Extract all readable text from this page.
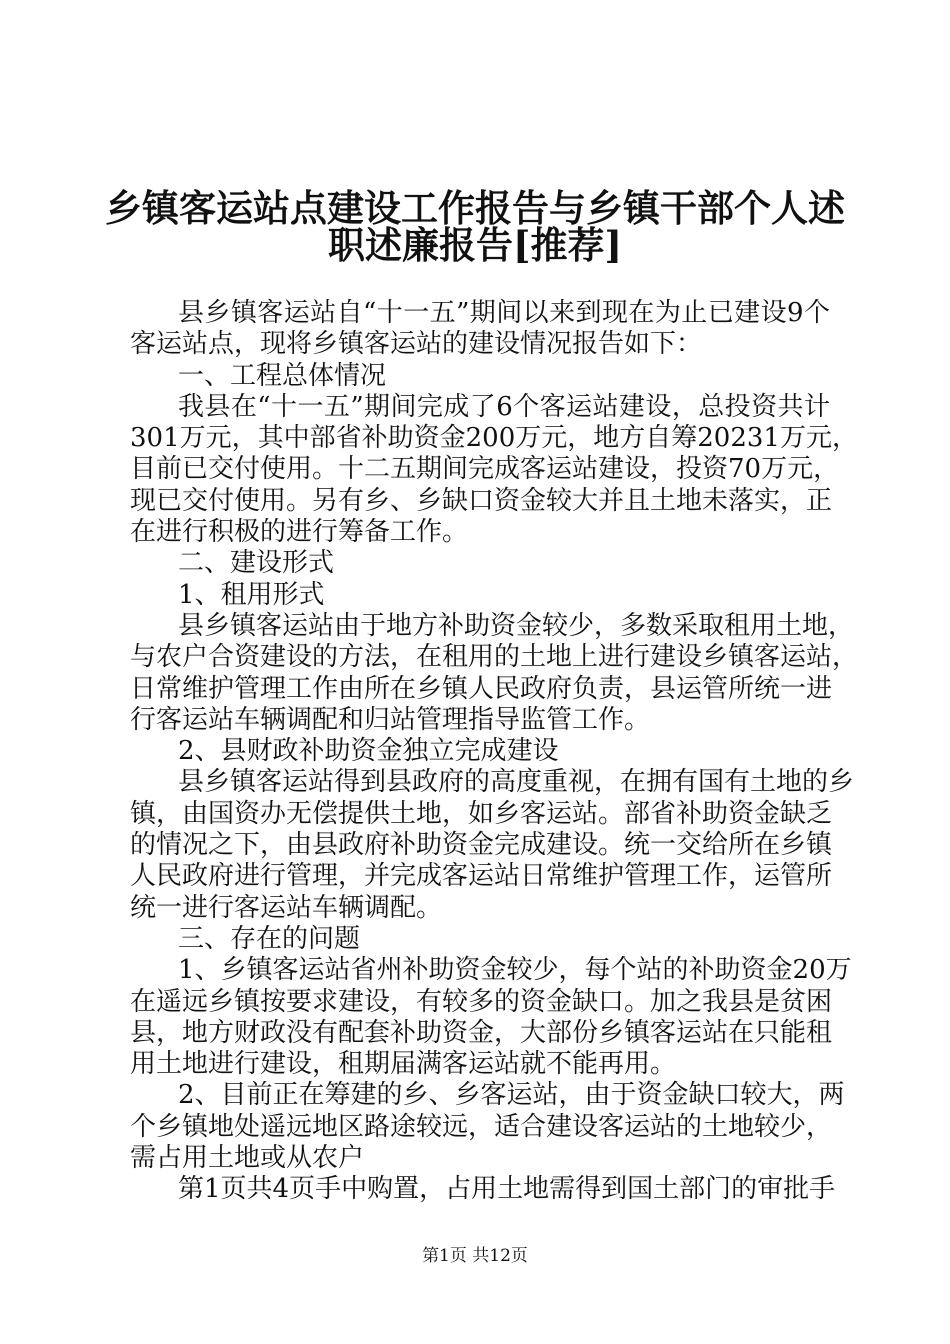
乡镇客运站点建设工作报告与乡镇干部个人述
职述廉报告[推荐]
县乡镇客运站自“十一五”期间以来到现在为止已建设9个
客运站点，现将乡镇客运站的建设情况报告如下：
一、工程总体情况
我县在“十一五”期间完成了6个客运站建设，总投资共计
301万元，其中部省补助资金200万元，地方自筹20231万元，
目前已交付使用。十二五期间完成客运站建设，投资70万元，
现已交付使用。另有乡、乡缺口资金较大并且土地未落实，正
在进行积极的进行筹备工作。
二、建设形式
1、租用形式
县乡镇客运站由于地方补助资金较少，多数采取租用土地，
与农户合资建设的方法，在租用的土地上进行建设乡镇客运站，
日常维护管理工作由所在乡镇人民政府负责，县运管所统一进
行客运站车辆调配和归站管理指导监管工作。
2、县财政补助资金独立完成建设
县乡镇客运站得到县政府的高度重视，在拥有国有土地的乡
镇，由国资办无偿提供土地，如乡客运站。部省补助资金缺乏
的情况之下，由县政府补助资金完成建设。统一交给所在乡镇
人民政府进行管理，并完成客运站日常维护管理工作，运管所
统一进行客运站车辆调配。
三、存在的问题
1、乡镇客运站省州补助资金较少，每个站的补助资金20万
在遥远乡镇按要求建设，有较多的资金缺口。加之我县是贫困
县，地方财政没有配套补助资金，大部份乡镇客运站在只能租
用土地进行建设，租期届满客运站就不能再用。
2、目前正在筹建的乡、乡客运站，由于资金缺口较大，两
个乡镇地处遥远地区路途较远，适合建设客运站的土地较少，
需占用土地或从农户
第1页共4页手中购置，占用土地需得到国土部门的审批手
第1页 共12页
